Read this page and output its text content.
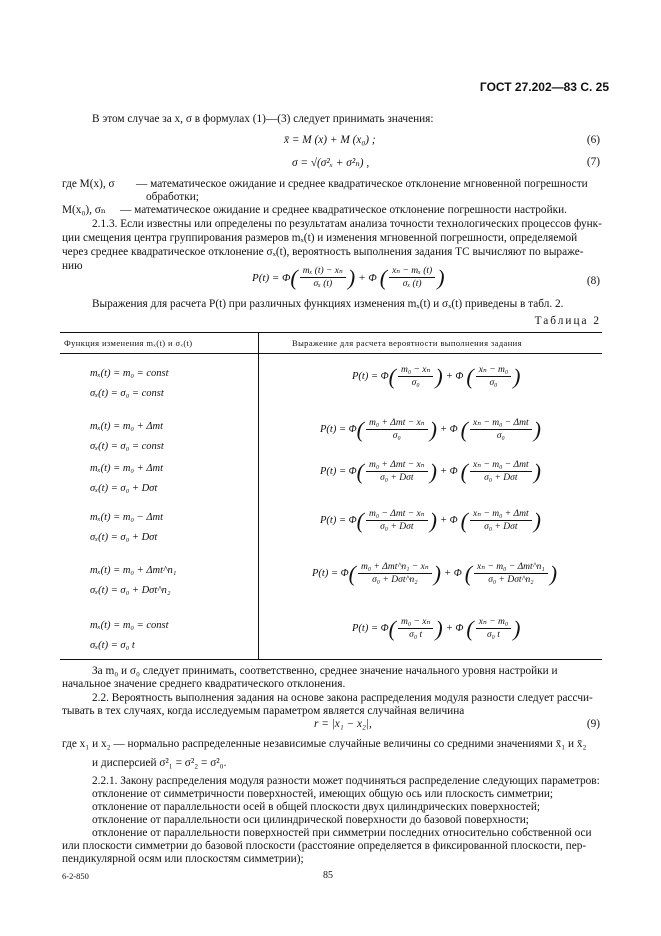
ГОСТ 27.202—83 С. 25
В этом случае за x, σ в формулах (1)—(3) следует принимать значения:
x̄ = M (x) + M (x₀) ;	(6)
σ = √(σ²ₓ + σ²ₙ) ,	(7)
где M(x), σ — математическое ожидание и среднее квадратическое отклонение мгновенной погрешности
обработки;
M(x₀), σₙ — математическое ожидание и среднее квадратическое отклонение погрешности настройки.
2.1.3. Если известны или определены по результатам анализа точности технологических процессов функ-
ции смещения центра группирования размеров mₓ(t) и изменения мгновенной погрешности, определяемой
через среднее квадратическое отклонение σₓ(t), вероятность выполнения задания ТС вычисляют по выраже-
нию
P(t) = Φ ( $\frac{\text{mₓ (t) − xₙ}}{\text{σₓ (t)}}$ ) + Φ ( $\frac{\text{xₙ − mₓ (t)}}{\text{σₓ (t)}}$ )	(8)
Выражения для расчета P(t) при различных функциях изменения mₓ(t) и σₓ(t) приведены в табл. 2.
Таблица 2
Функция изменения mₓ(t) и σₓ(t)	Выражение для расчета вероятности выполнения задания
mₓ(t) = m₀ = const
σₓ(t) = σ₀ = const
P(t) = Φ ( $\frac{\text{m₀ − xₙ}}{\text{σ₀}}$ ) + Φ ( $\frac{\text{xₙ − m₀}}{\text{σ₀}}$ )
mₓ(t) = m₀ + Δmt
σₓ(t) = σ₀ = const
P(t) = Φ ( $\frac{\text{m₀ + Δmt − xₙ}}{\text{σ₀}}$ ) + Φ ( $\frac{\text{xₙ − m₀ − Δmt}}{\text{σ₀}}$ )
mₓ(t) = m₀ + Δmt
σₓ(t) = σ₀ + Dσt
P(t) = Φ ( $\frac{\text{m₀ + Δmt − xₙ}}{\text{σ₀ + Dσt}}$ ) + Φ ( $\frac{\text{xₙ − m₀ − Δmt}}{\text{σ₀ + Dσt}}$ )
mₓ(t) = m₀ − Δmt
σₓ(t) = σ₀ + Dσt
P(t) = Φ ( $\frac{\text{m₀ − Δmt − xₙ}}{\text{σ₀ + Dσt}}$ ) + Φ ( $\frac{\text{xₙ − m₀ + Δmt}}{\text{σ₀ + Dσt}}$ )
mₓ(t) = m₀ + Δmt^n₁
σₓ(t) = σ₀ + Dσt^n₂
P(t) = Φ ( $\frac{\text{m₀ + Δmt\textasciicircum{}n₁ − xₙ}}{\text{σ₀ + Dσt\textasciicircum{}n₂}}$ ) + Φ ( $\frac{\text{xₙ − m₀ − Δmt\textasciicircum{}n₁}}{\text{σ₀ + Dσt\textasciicircum{}n₂}}$ )
mₓ(t) = m₀ = const
σₓ(t) = σ₀ t
P(t) = Φ ( $\frac{\text{m₀ − xₙ}}{\text{σ₀ t}}$ ) + Φ ( $\frac{\text{xₙ − m₀}}{\text{σ₀ t}}$ )
За m₀ и σ₀ следует принимать, соответственно, среднее значение начального уровня настройки и
начальное значение среднего квадратического отклонения.
2.2. Вероятность выполнения задания на основе закона распределения модуля разности следует рассчи-
тывать в тех случаях, когда исследуемым параметром является случайная величина
r = |x₁ − x₂|,	(9)
где x₁ и x₂ — нормально распределенные независимые случайные величины со средними значениями x̄₁ и x̄₂
и дисперсией σ²₁ = σ²₂ = σ²₀.
2.2.1. Закону распределения модуля разности может подчиняться распределение следующих параметров:
отклонение от симметричности поверхностей, имеющих общую ось или плоскость симметрии;
отклонение от параллельности осей в общей плоскости двух цилиндрических поверхностей;
отклонение от параллельности оси цилиндрической поверхности до базовой поверхности;
отклонение от параллельности поверхностей при симметрии последних относительно собственной оси
или плоскости симметрии до базовой плоскости (расстояние определяется в фиксированной плоскости, пер-
пендикулярной осям или плоскостям симметрии);
6-2-850	85
